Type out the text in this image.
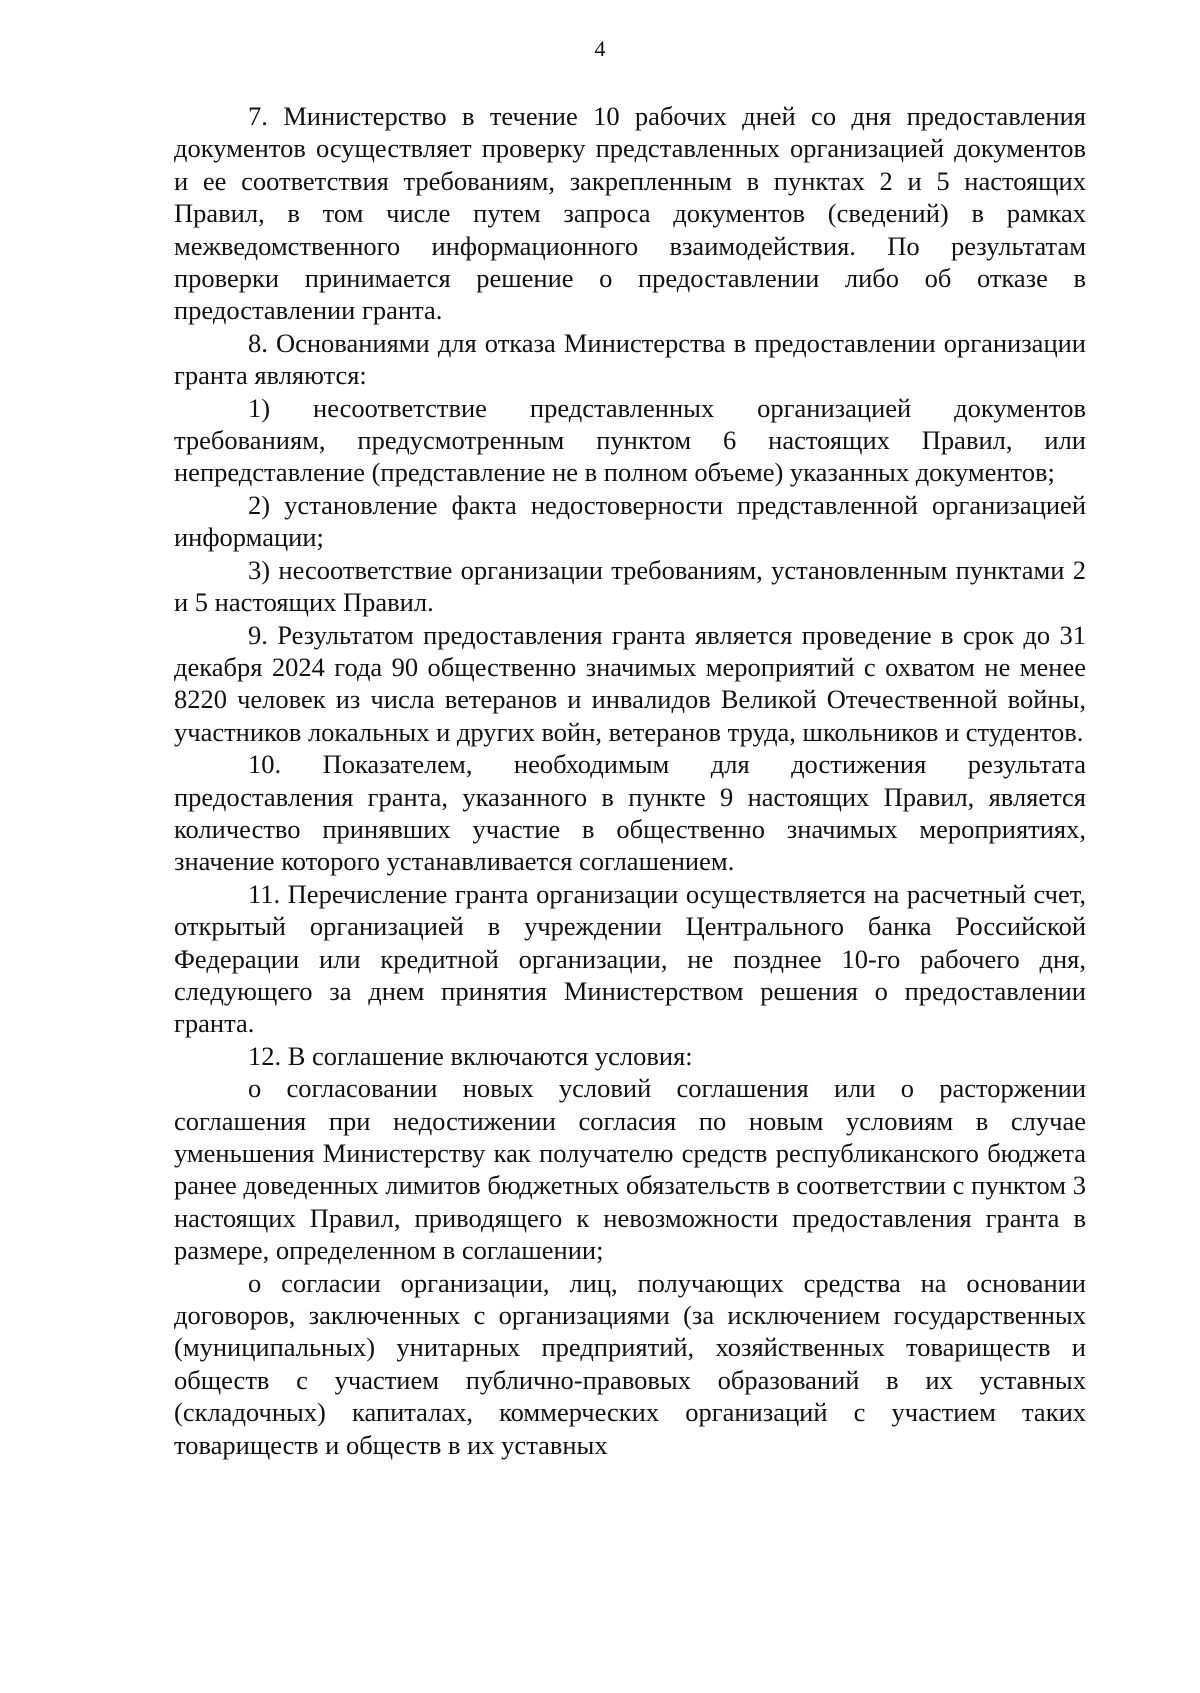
4

7. Министерство в течение 10 рабочих дней со дня предоставления документов осуществляет проверку представленных организацией документов и ее соответствия требованиям, закрепленным в пунктах 2 и 5 настоящих Правил, в том числе путем запроса документов (сведений) в рамках межведомственного информационного взаимодействия. По результатам проверки принимается решение о предоставлении либо об отказе в предоставлении гранта.

8. Основаниями для отказа Министерства в предоставлении организации гранта являются:

1) несоответствие представленных организацией документов требованиям, предусмотренным пунктом 6 настоящих Правил, или непредставление (представление не в полном объеме) указанных документов;

2) установление факта недостоверности представленной организацией информации;

3) несоответствие организации требованиям, установленным пунктами 2 и 5 настоящих Правил.

9. Результатом предоставления гранта является проведение в срок до 31 декабря 2024 года 90 общественно значимых мероприятий с охватом не менее 8220 человек из числа ветеранов и инвалидов Великой Отечественной войны, участников локальных и других войн, ветеранов труда, школьников и студентов.

10. Показателем, необходимым для достижения результата предоставления гранта, указанного в пункте 9 настоящих Правил, является количество принявших участие в общественно значимых мероприятиях, значение которого устанавливается соглашением.

11. Перечисление гранта организации осуществляется на расчетный счет, открытый организацией в учреждении Центрального банка Российской Федерации или кредитной организации, не позднее 10-го рабочего дня, следующего за днем принятия Министерством решения о предоставлении гранта.

12. В соглашение включаются условия:

о согласовании новых условий соглашения или о расторжении соглашения при недостижении согласия по новым условиям в случае уменьшения Министерству как получателю средств республиканского бюджета ранее доведенных лимитов бюджетных обязательств в соответствии с пунктом 3 настоящих Правил, приводящего к невозможности предоставления гранта в размере, определенном в соглашении;

о согласии организации, лиц, получающих средства на основании договоров, заключенных с организациями (за исключением государственных (муниципальных) унитарных предприятий, хозяйственных товариществ и обществ с участием публично-правовых образований в их уставных (складочных) капиталах, коммерческих организаций с участием таких товариществ и обществ в их уставных
